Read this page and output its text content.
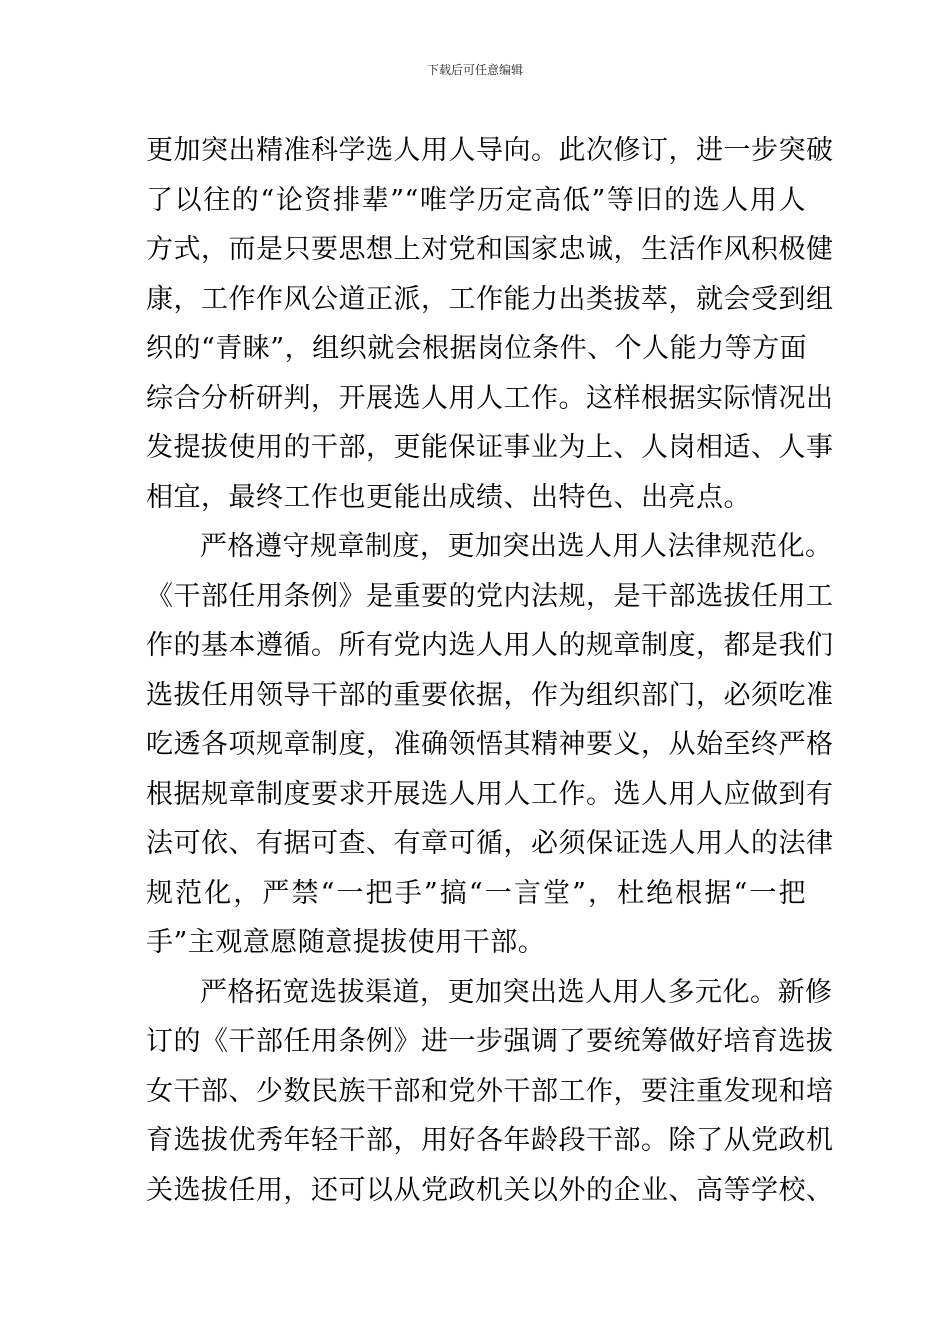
下载后可任意编辑
更加突出精准科学选人用人导向。此次修订，进一步突破
了以往的“论资排辈”“唯学历定高低”等旧的选人用人
方式，而是只要思想上对党和国家忠诚，生活作风积极健
康，工作作风公道正派，工作能力出类拔萃，就会受到组
织的“青睐”，组织就会根据岗位条件、个人能力等方面
综合分析研判，开展选人用人工作。这样根据实际情况出
发提拔使用的干部，更能保证事业为上、人岗相适、人事
相宜，最终工作也更能出成绩、出特色、出亮点。
严格遵守规章制度，更加突出选人用人法律规范化。
《干部任用条例》是重要的党内法规，是干部选拔任用工
作的基本遵循。所有党内选人用人的规章制度，都是我们
选拔任用领导干部的重要依据，作为组织部门，必须吃准
吃透各项规章制度，准确领悟其精神要义，从始至终严格
根据规章制度要求开展选人用人工作。选人用人应做到有
法可依、有据可查、有章可循，必须保证选人用人的法律
规范化，严禁“一把手”搞“一言堂”，杜绝根据“一把
手”主观意愿随意提拔使用干部。
严格拓宽选拔渠道，更加突出选人用人多元化。新修
订的《干部任用条例》进一步强调了要统筹做好培育选拔
女干部、少数民族干部和党外干部工作，要注重发现和培
育选拔优秀年轻干部，用好各年龄段干部。除了从党政机
关选拔任用，还可以从党政机关以外的企业、高等学校、
